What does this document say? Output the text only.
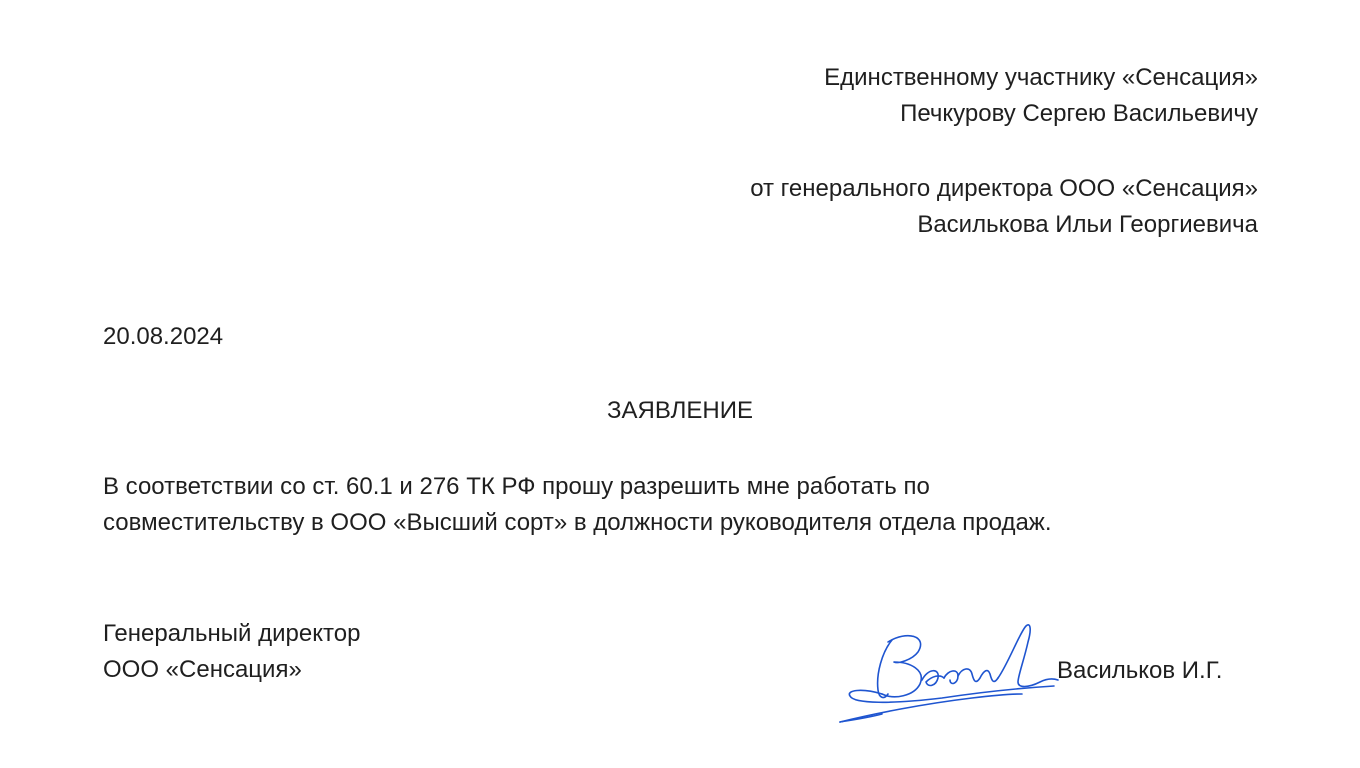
Единственному участнику «Сенсация»
Печкурову Сергею Васильевичу
от генерального директора ООО «Сенсация»
Василькова Ильи Георгиевича
20.08.2024
ЗАЯВЛЕНИЕ
В соответствии со ст. 60.1 и 276 ТК РФ прошу разрешить мне работать по
совместительству в ООО «Высший сорт» в должности руководителя отдела продаж.
Генеральный директор
ООО «Сенсация»	Васильков И.Г.
